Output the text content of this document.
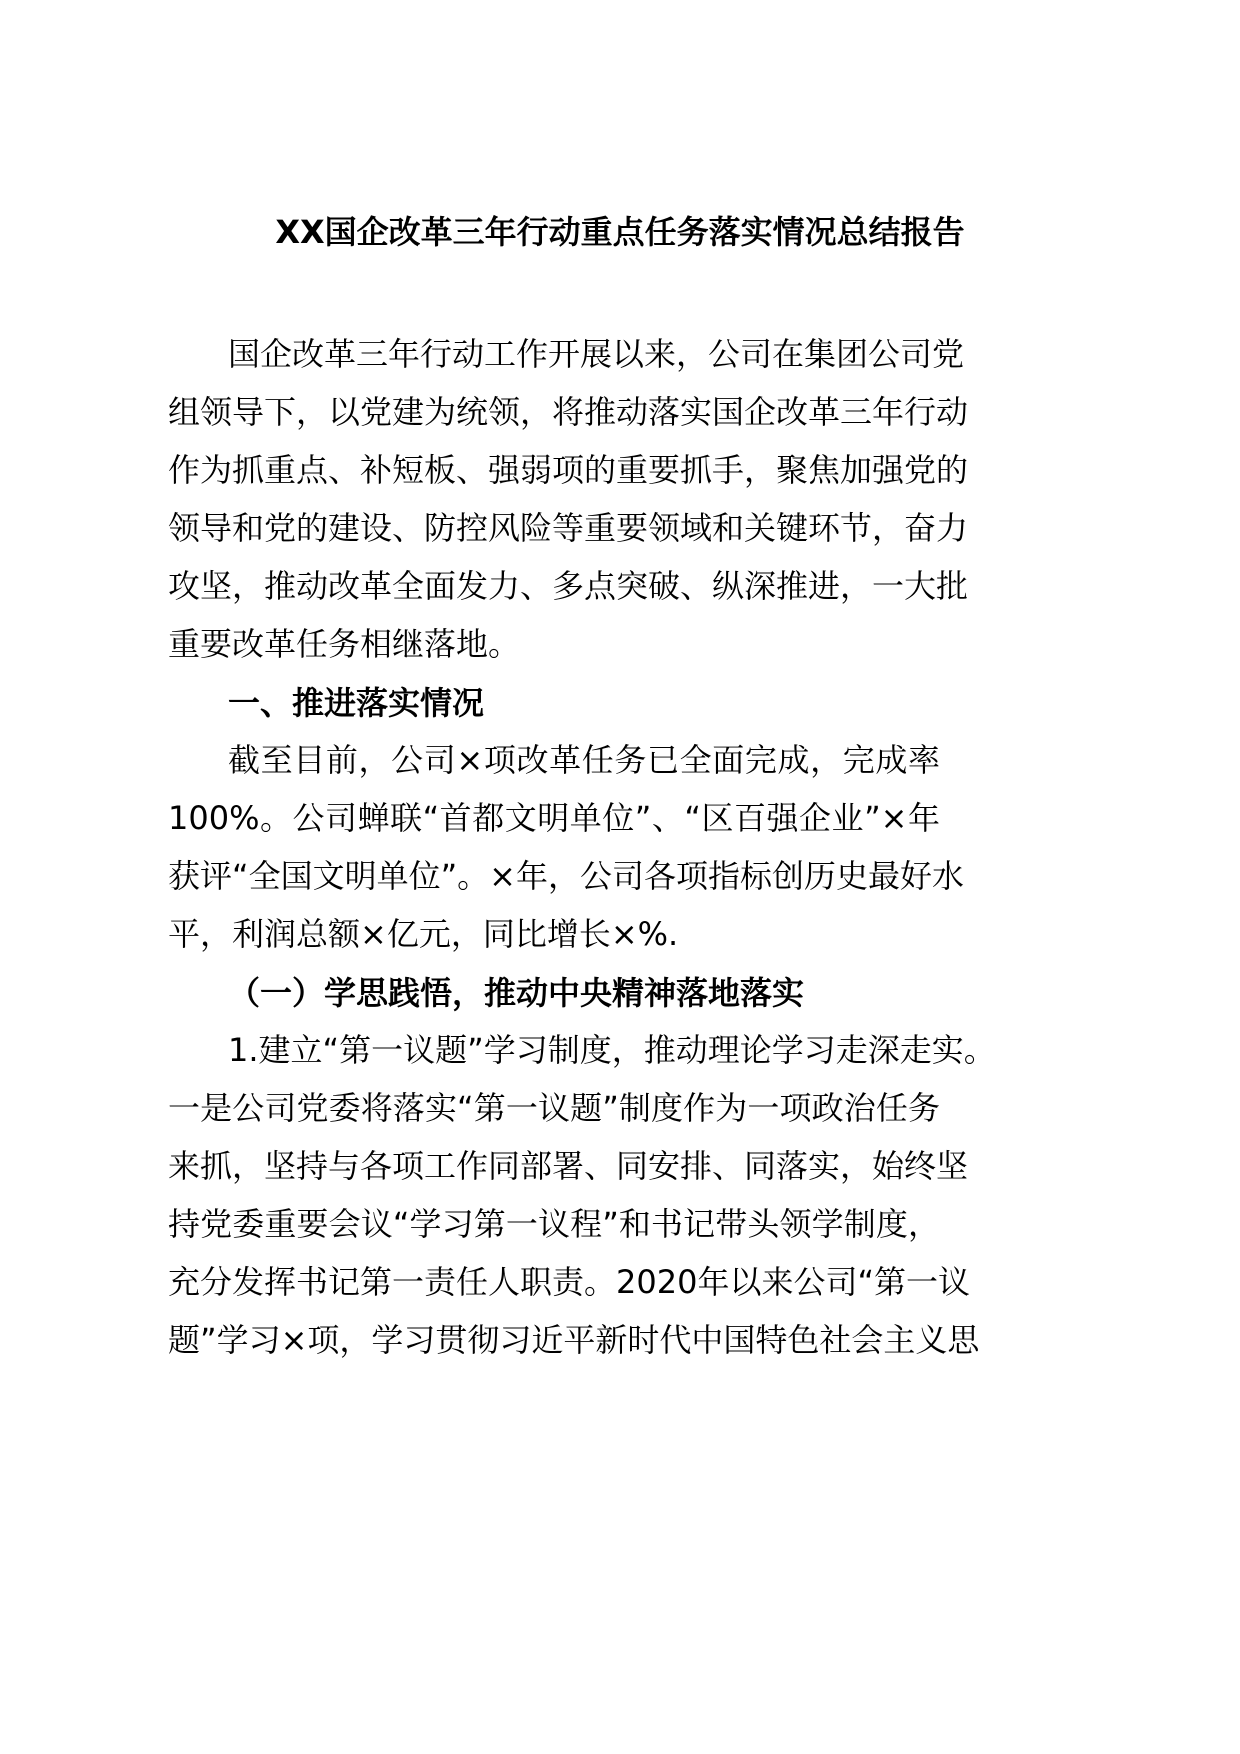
XX国企改革三年行动重点任务落实情况总结报告

国企改革三年行动工作开展以来，公司在集团公司党

组领导下，以党建为统领，将推动落实国企改革三年行动

作为抓重点、补短板、强弱项的重要抓手，聚焦加强党的

领导和党的建设、防控风险等重要领域和关键环节，奋力

攻坚，推动改革全面发力、多点突破、纵深推进，一大批

重要改革任务相继落地。

一、推进落实情况

截至目前，公司×项改革任务已全面完成，完成率

100%。公司蝉联“首都文明单位”、“区百强企业”×年

获评“全国文明单位”。×年，公司各项指标创历史最好水

平，利润总额×亿元，同比增长×%.

（一）学思践悟，推动中央精神落地落实

1.建立“第一议题”学习制度，推动理论学习走深走实。

一是公司党委将落实“第一议题”制度作为一项政治任务

来抓，坚持与各项工作同部署、同安排、同落实，始终坚

持党委重要会议“学习第一议程”和书记带头领学制度，

充分发挥书记第一责任人职责。2020年以来公司“第一议

题”学习×项，学习贯彻习近平新时代中国特色社会主义思
